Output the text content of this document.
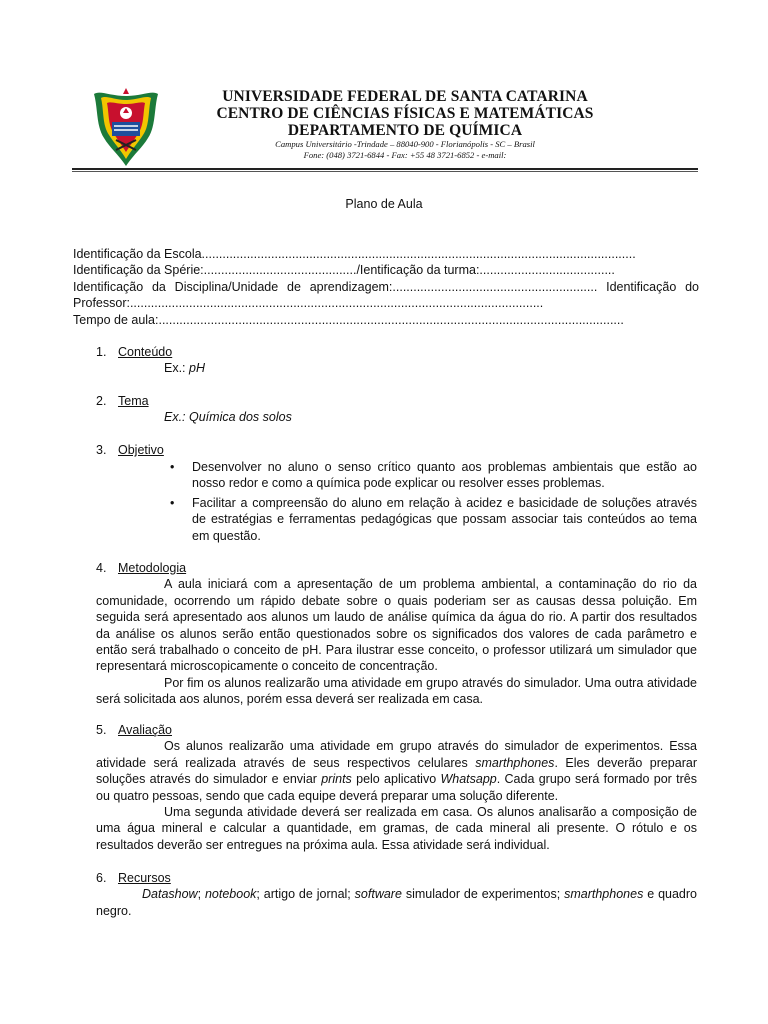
UNIVERSIDADE FEDERAL DE SANTA CATARINA
CENTRO DE CIÊNCIAS FÍSICAS E MATEMÁTICAS
DEPARTAMENTO DE QUÍMICA
Campus Universitário -Trindade – 88040-900 - Florianópolis - SC – Brasil
Fone: (048) 3721-6844 - Fax: +55 48 3721-6852 - e-mail:
Plano de Aula
Identificação da Escola.............................................................................................................................
Identificação da Spérie:............................................/Ientificação da turma:.......................................
Identificação da Disciplina/Unidade de aprendizagem:........................................................... Identificação do
Professor:.......................................................................................................................
Tempo de aula:......................................................................................................................................
1. Conteúdo
Ex.: pH
2. Tema
Ex.: Química dos solos
3. Objetivo
• Desenvolver no aluno o senso crítico quanto aos problemas ambientais que estão ao
nosso redor e como a química pode explicar ou resolver esses problemas.
• Facilitar a compreensão do aluno em relação à acidez e basicidade de soluções através
de estratégias e ferramentas pedagógicas que possam associar tais conteúdos ao tema
em questão.
4. Metodologia
A aula iniciará com a apresentação de um problema ambiental, a contaminação do rio da comunidade, ocorrendo um rápido debate sobre o quais poderiam ser as causas dessa poluição. Em seguida será apresentado aos alunos um laudo de análise química da água do rio. A partir dos resultados da análise os alunos serão então questionados sobre os significados dos valores de cada parâmetro e então será trabalhado o conceito de pH. Para ilustrar esse conceito, o professor utilizará um simulador que representará microscopicamente o conceito de concentração.
Por fim os alunos realizarão uma atividade em grupo através do simulador. Uma outra atividade será solicitada aos alunos, porém essa deverá ser realizada em casa.
5. Avaliação
Os alunos realizarão uma atividade em grupo através do simulador de experimentos. Essa atividade será realizada através de seus respectivos celulares smarthphones. Eles deverão preparar soluções através do simulador e enviar prints pelo aplicativo Whatsapp. Cada grupo será formado por três ou quatro pessoas, sendo que cada equipe deverá preparar uma solução diferente.
Uma segunda atividade deverá ser realizada em casa. Os alunos analisarão a composição de uma água mineral e calcular a quantidade, em gramas, de cada mineral ali presente. O rótulo e os resultados deverão ser entregues na próxima aula. Essa atividade será individual.
6. Recursos
Datashow; notebook; artigo de jornal; software simulador de experimentos; smarthphones e quadro negro.
